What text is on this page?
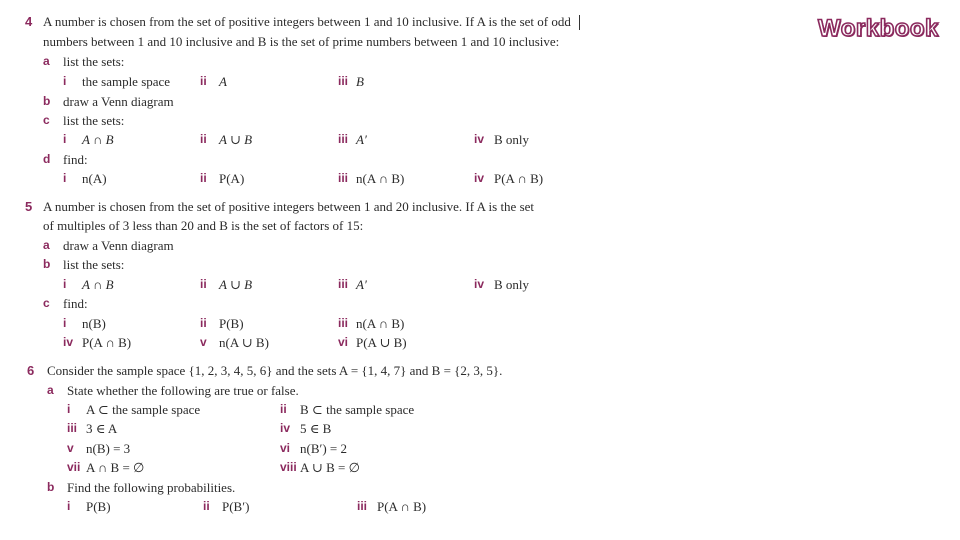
Workbook
4 A number is chosen from the set of positive integers between 1 and 10 inclusive. If A is the set of odd
numbers between 1 and 10 inclusive and B is the set of prime numbers between 1 and 10 inclusive:
a list the sets:
i the sample space ii A	iii B
b draw a Venn diagram
c list the sets:
i A ∩ B	ii A ∪ B	iii A′	iv B only
d find:
i n(A)	ii P(A)	iii n(A ∩ B)	iv P(A ∩ B)
5 A number is chosen from the set of positive integers between 1 and 20 inclusive. If A is the set
of multiples of 3 less than 20 and B is the set of factors of 15:
a draw a Venn diagram
b list the sets:
i A ∩ B	ii A ∪ B	iii A′	iv B only
c find:
i n(B)	ii P(B)	iii n(A ∩ B)
iv P(A ∩ B)	v n(A ∪ B)	vi P(A ∪ B)
6 Consider the sample space {1, 2, 3, 4, 5, 6} and the sets A = {1, 4, 7} and B = {2, 3, 5}.
a State whether the following are true or false.
i A ⊂ the sample space	ii B ⊂ the sample space
iii 3 ∈ A	iv 5 ∈ B
v n(B) = 3	vi n(B′) = 2
vii A ∩ B = ∅	viii A ∪ B = ∅
b Find the following probabilities.
i P(B)	ii P(B′)	iii P(A ∩ B)
